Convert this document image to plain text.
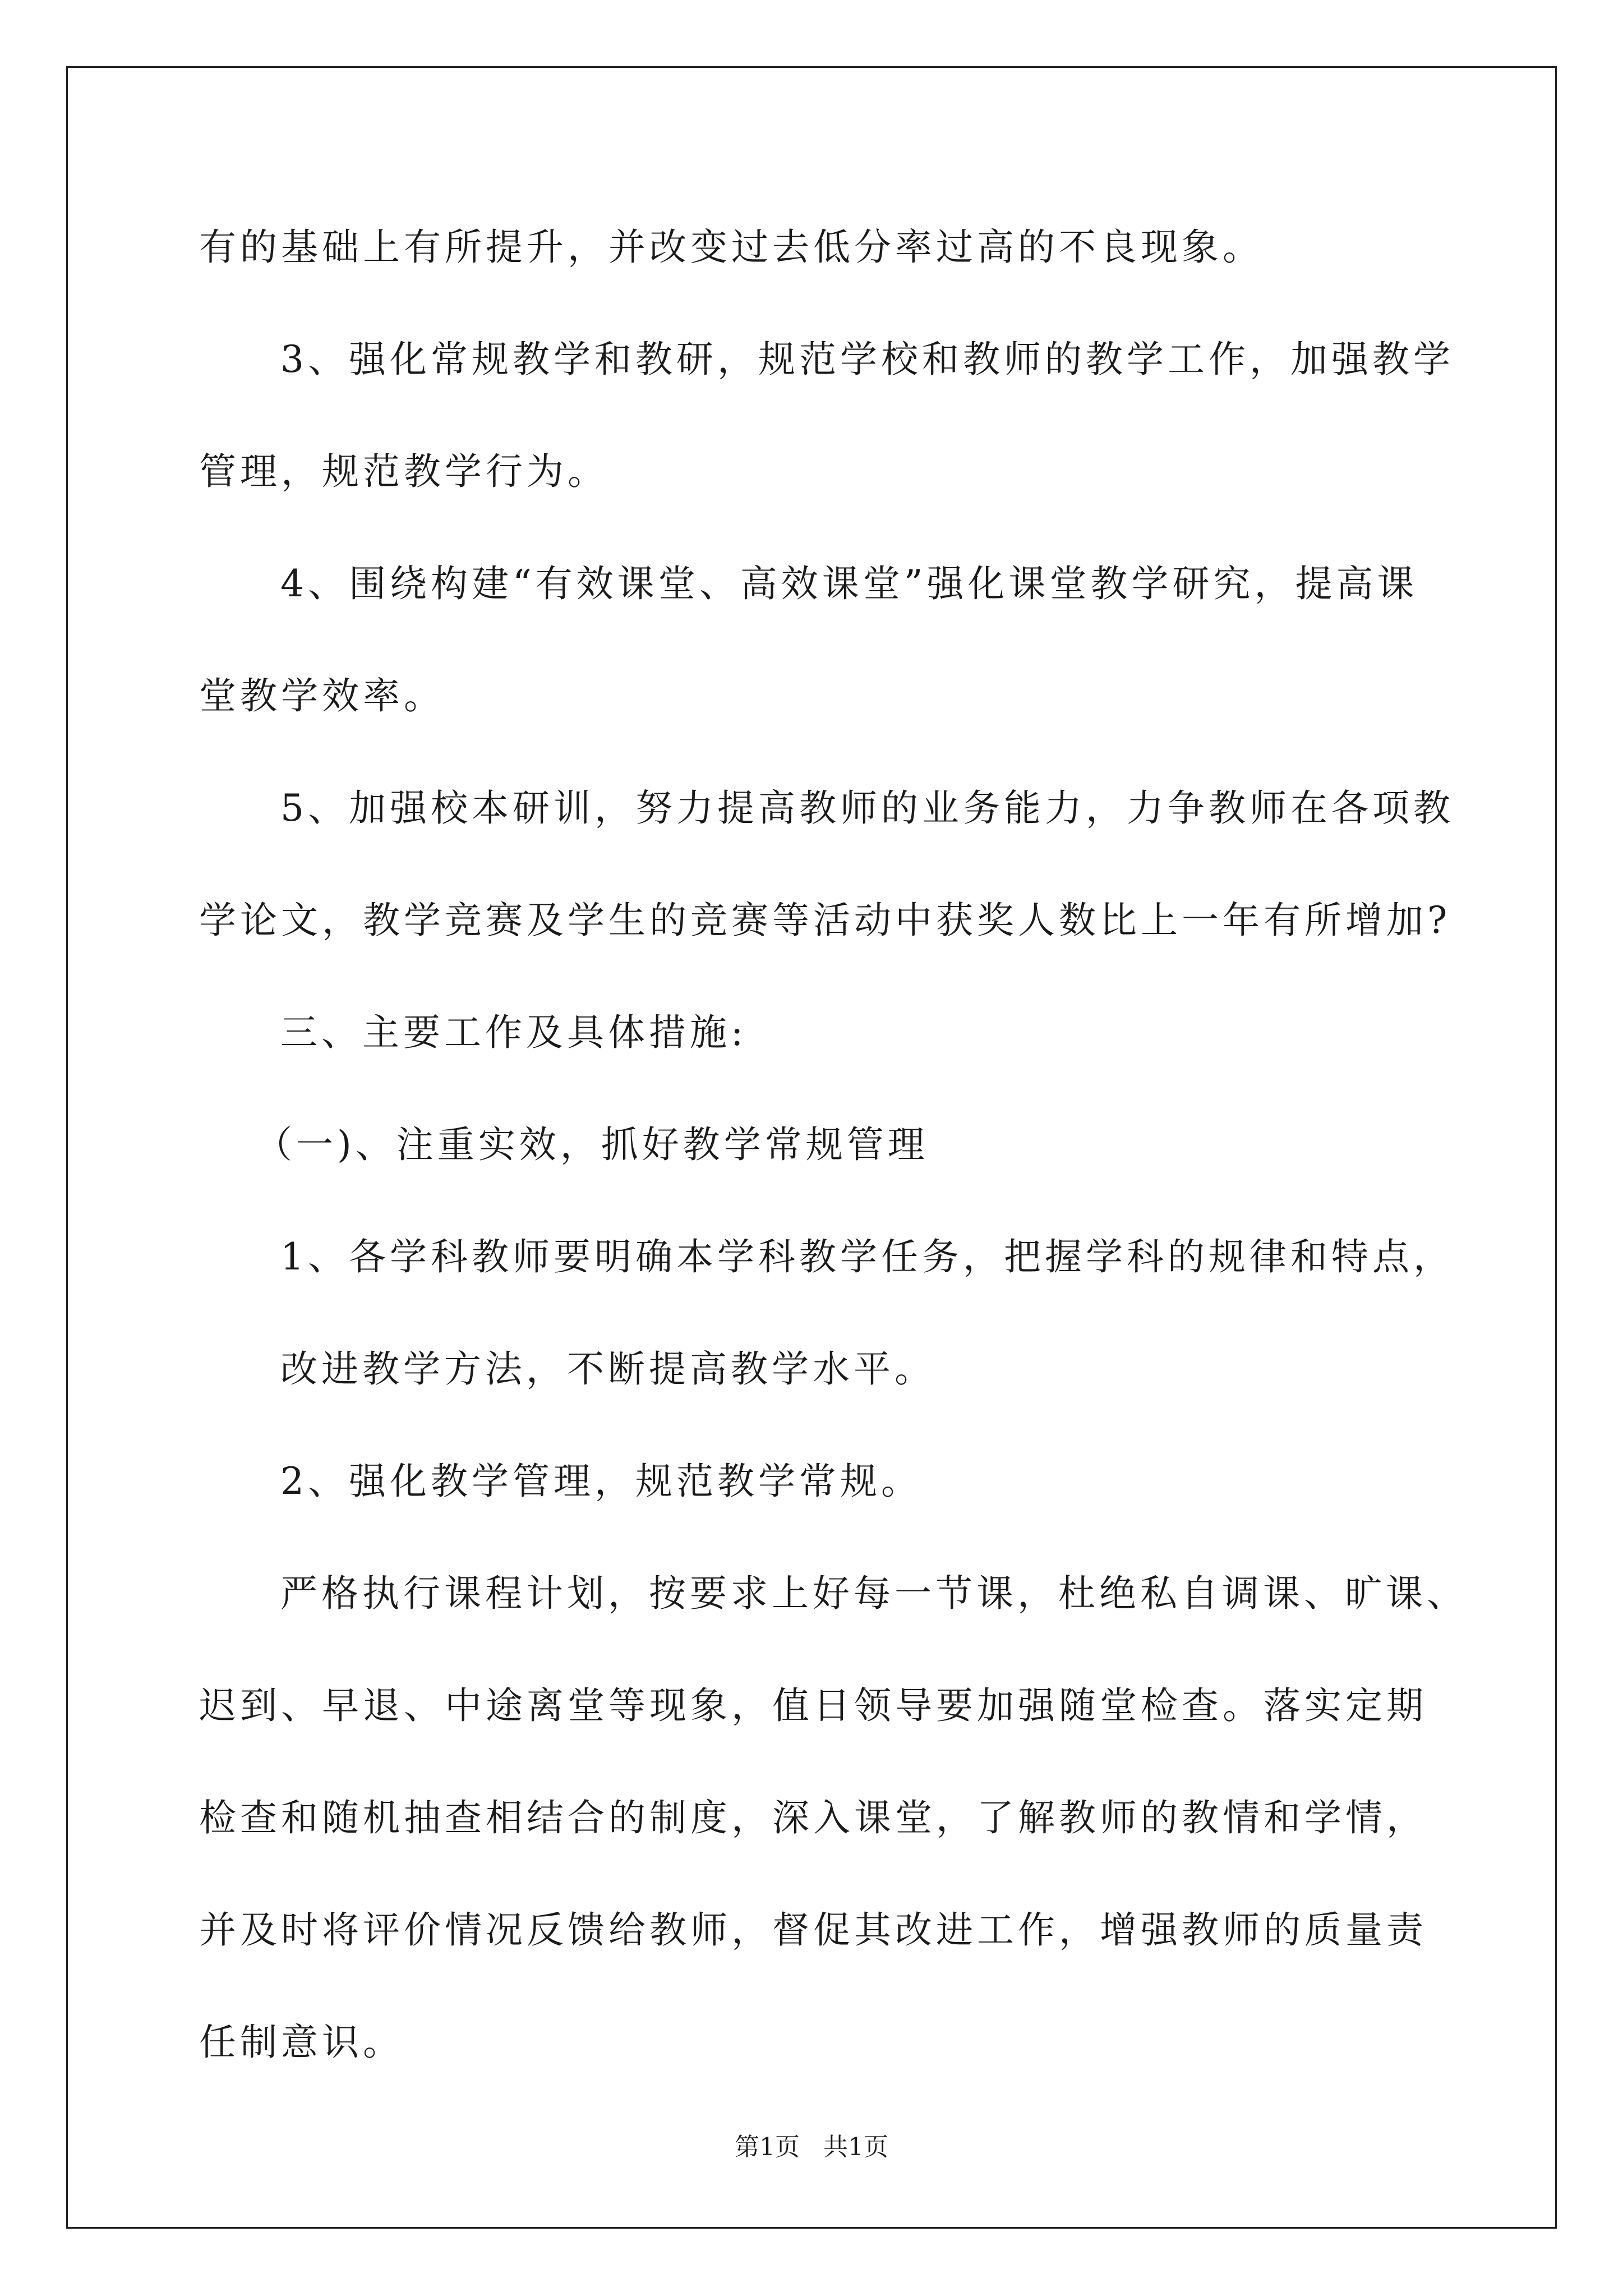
有的基础上有所提升，并改变过去低分率过高的不良现象。
3、强化常规教学和教研，规范学校和教师的教学工作，加强教学
管理，规范教学行为。
4、围绕构建“有效课堂、高效课堂”强化课堂教学研究，提高课
堂教学效率。
5、加强校本研训，努力提高教师的业务能力，力争教师在各项教
学论文，教学竞赛及学生的竞赛等活动中获奖人数比上一年有所增加?
三、主要工作及具体措施:
（一)、注重实效，抓好教学常规管理
1、各学科教师要明确本学科教学任务，把握学科的规律和特点，
改进教学方法，不断提高教学水平。
2、强化教学管理，规范教学常规。
严格执行课程计划，按要求上好每一节课，杜绝私自调课、旷课、
迟到、早退、中途离堂等现象，值日领导要加强随堂检查。落实定期
检查和随机抽查相结合的制度，深入课堂，了解教师的教情和学情，
并及时将评价情况反馈给教师，督促其改进工作，增强教师的质量责
任制意识。
第1页   共1页
